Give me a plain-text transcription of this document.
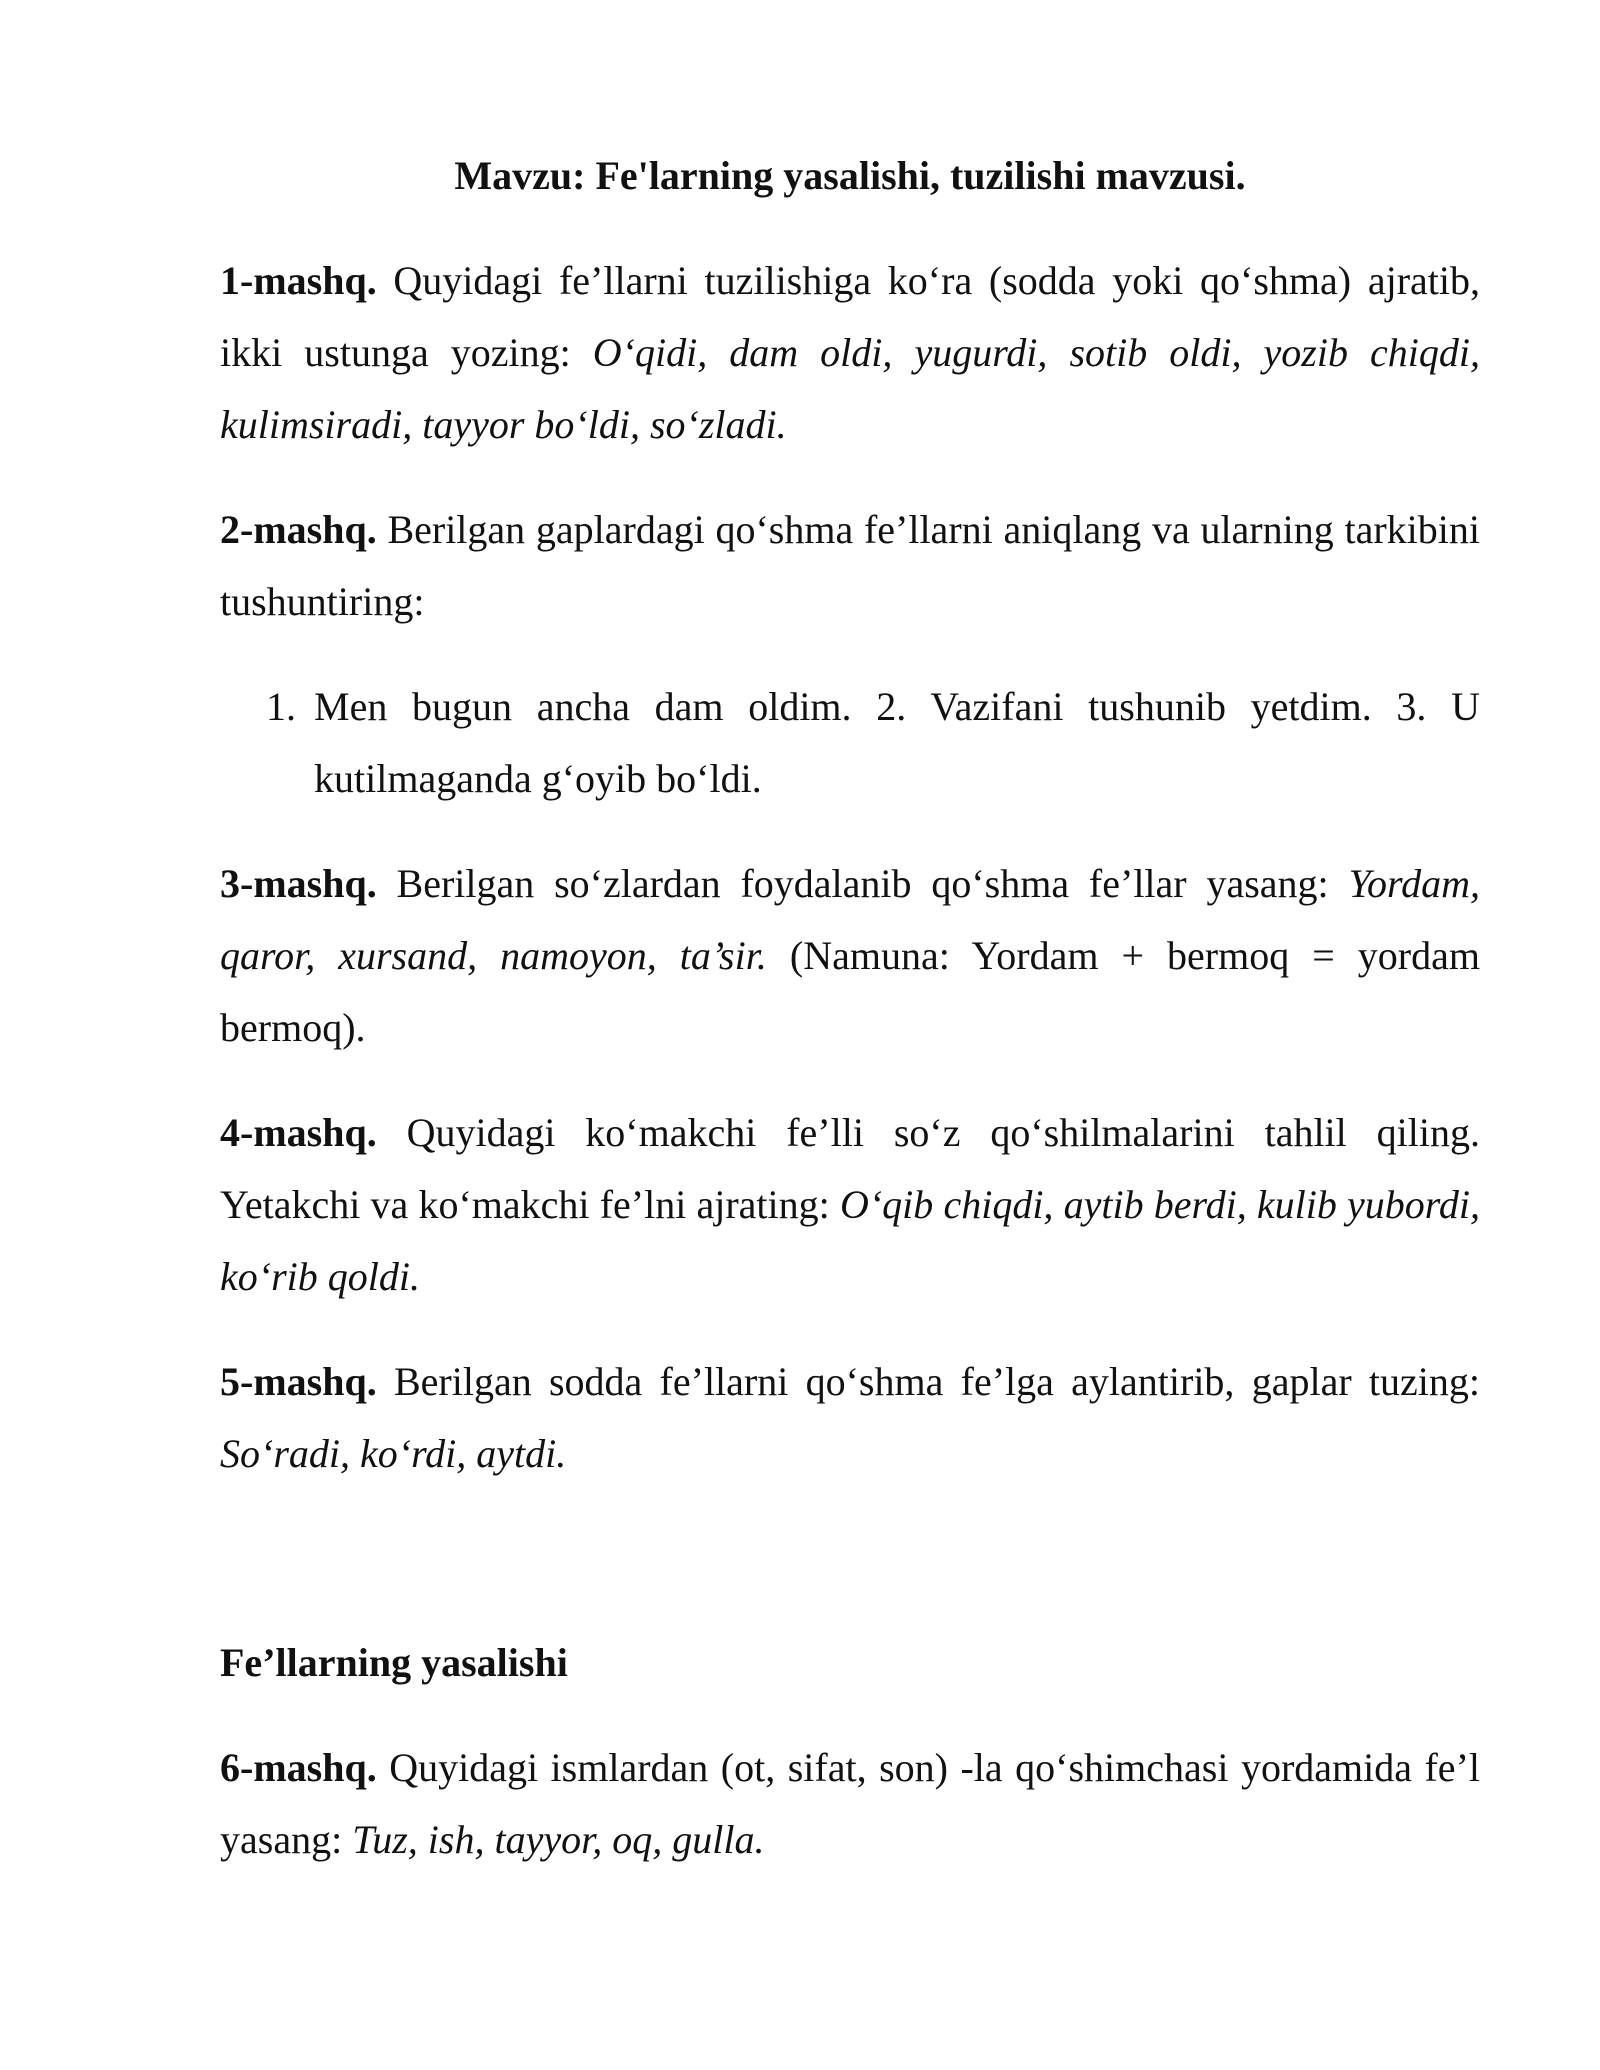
Mavzu: Fe'larning yasalishi, tuzilishi mavzusi.
1-mashq. Quyidagi fe’llarni tuzilishiga ko‘ra (sodda yoki qo‘shma) ajratib, ikki ustunga yozing: O‘qidi, dam oldi, yugurdi, sotib oldi, yozib chiqdi, kulimsiradi, tayyor bo‘ldi, so‘zladi.
2-mashq. Berilgan gaplardagi qo‘shma fe’llarni aniqlang va ularning tarkibini tushuntiring:
1. Men bugun ancha dam oldim. 2. Vazifani tushunib yetdim. 3. U kutilmaganda g‘oyib bo‘ldi.
3-mashq. Berilgan so‘zlardan foydalanib qo‘shma fe’llar yasang: Yordam, qaror, xursand, namoyon, ta’sir. (Namuna: Yordam + bermoq = yordam bermoq).
4-mashq. Quyidagi ko‘makchi fe’lli so‘z qo‘shilmalarini tahlil qiling. Yetakchi va ko‘makchi fe’lni ajrating: O‘qib chiqdi, aytib berdi, kulib yubordi, ko‘rib qoldi.
5-mashq. Berilgan sodda fe’llarni qo‘shma fe’lga aylantirib, gaplar tuzing: So‘radi, ko‘rdi, aytdi.
Fe’llarning yasalishi
6-mashq. Quyidagi ismlardan (ot, sifat, son) -la qo‘shimchasi yordamida fe’l yasang: Tuz, ish, tayyor, oq, gulla.
